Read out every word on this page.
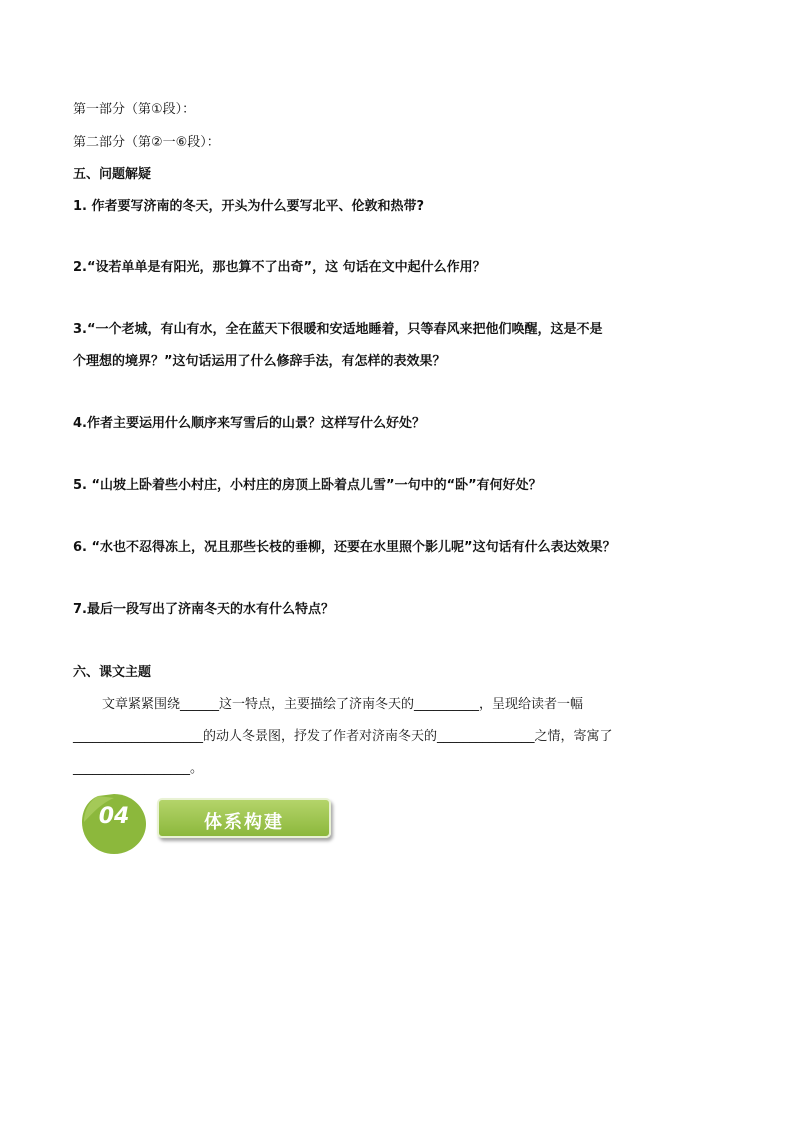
第一部分（第①段）：
第二部分（第②一⑥段）：
五、问题解疑
1. 作者要写济南的冬天，开头为什么要写北平、伦敦和热带?
2.“设若单单是有阳光，那也算不了出奇”，这 句话在文中起什么作用？
3.“一个老城，有山有水，全在蓝天下很暖和安适地睡着，只等春风来把他们唤醒，这是不是
个理想的境界？”这句话运用了什么修辞手法，有怎样的表效果？
4.作者主要运用什么顺序来写雪后的山景？这样写什么好处？
5. “山坡上卧着些小村庄，小村庄的房顶上卧着点儿雪”一句中的“卧”有何好处？
6. “水也不忍得冻上，况且那些长枝的垂柳，还要在水里照个影儿呢”这句话有什么表达效果？
7.最后一段写出了济南冬天的水有什么特点？
六、课文主题
文章紧紧围绕______这一特点，主要描绘了济南冬天的__________，呈现给读者一幅
____________________的动人冬景图，抒发了作者对济南冬天的_______________之情，寄寓了
__________________。
04	体系构建
